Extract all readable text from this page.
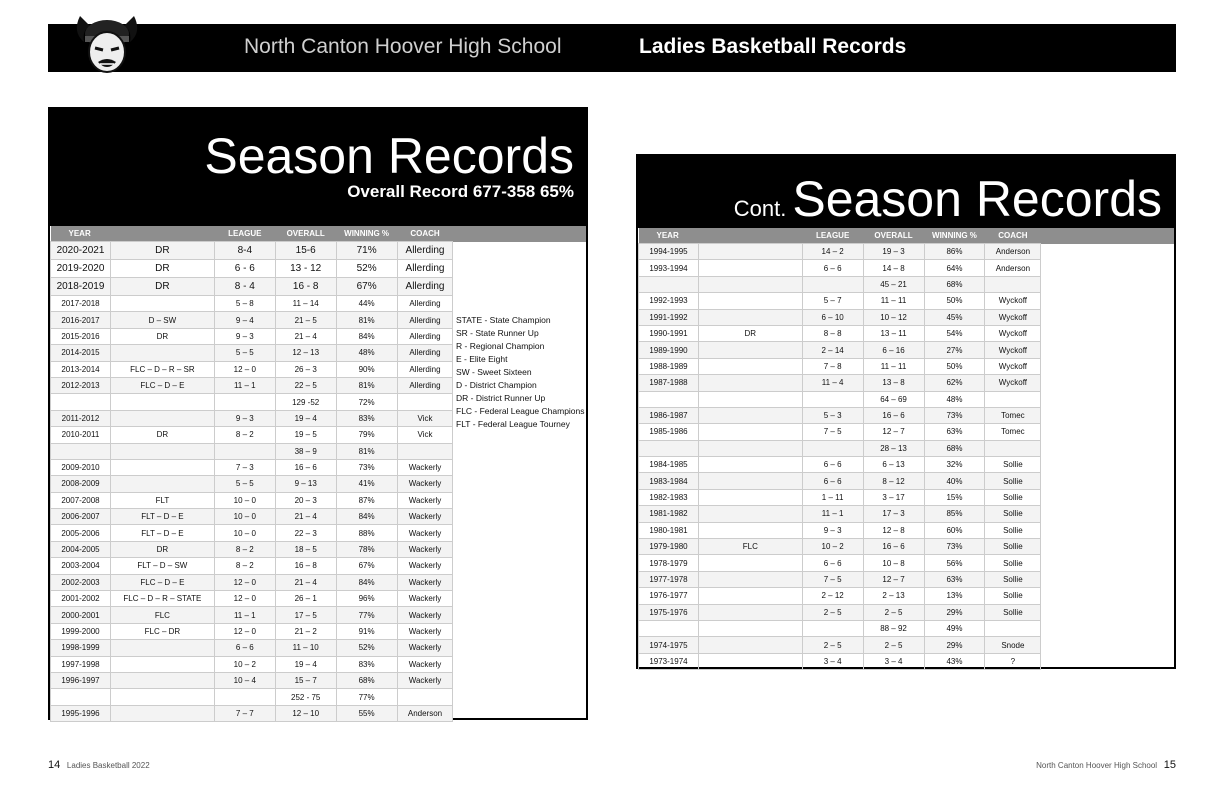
North Canton Hoover High School	Ladies Basketball Records
Season Records
Overall Record 677-358 65%
YEAR		LEAGUE	OVERALL	WINNING %	COACH	
2020-2021	DR	8-4	15-6	71%	Allerding	
2019-2020	DR	6 - 6	13 - 12	52%	Allerding	
2018-2019	DR	8 - 4	16 - 8	67%	Allerding	
2017-2018		5 – 8	11 – 14	44%	Allerding	
2016-2017	D – SW	9 – 4	21 – 5	81%	Allerding	
2015-2016	DR	9 – 3	21 – 4	84%	Allerding	
2014-2015		5 – 5	12 – 13	48%	Allerding	
2013-2014	FLC – D – R – SR	12 – 0	26 – 3	90%	Allerding	
2012-2013	FLC – D – E	11 – 1	22 – 5	81%	Allerding	
			129 -52	72%		
2011-2012		9 – 3	19 – 4	83%	Vick	
2010-2011	DR	8 – 2	19 – 5	79%	Vick	
			38 – 9	81%		
2009-2010		7 – 3	16 – 6	73%	Wackerly	
2008-2009		5 – 5	9 – 13	41%	Wackerly	
2007-2008	FLT	10 – 0	20 – 3	87%	Wackerly	
2006-2007	FLT – D – E	10 – 0	21 – 4	84%	Wackerly	
2005-2006	FLT – D – E	10 – 0	22 – 3	88%	Wackerly	
2004-2005	DR	8 – 2	18 – 5	78%	Wackerly	
2003-2004	FLT – D – SW	8 – 2	16 – 8	67%	Wackerly	
2002-2003	FLC – D – E	12 – 0	21 – 4	84%	Wackerly	
2001-2002	FLC – D – R – STATE	12 – 0	26 – 1	96%	Wackerly	
2000-2001	FLC	11 – 1	17 – 5	77%	Wackerly	
1999-2000	FLC – DR	12 – 0	21 – 2	91%	Wackerly	
1998-1999		6 – 6	11 – 10	52%	Wackerly	
1997-1998		10 – 2	19 – 4	83%	Wackerly	
1996-1997		10 – 4	15 – 7	68%	Wackerly	
			252 - 75	77%		
1995-1996		7 – 7	12 – 10	55%	Anderson	
STATE - State Champion
SR - State Runner Up
R - Regional Champion
E - Elite Eight
SW - Sweet Sixteen
D - District Champion
DR - District Runner Up
FLC - Federal League Champions
FLT - Federal League Tourney
Cont. Season Records
YEAR		LEAGUE	OVERALL	WINNING %	COACH	
1994-1995		14 – 2	19 – 3	86%	Anderson	
1993-1994		6 – 6	14 – 8	64%	Anderson	
			45 – 21	68%		
1992-1993		5 – 7	11 – 11	50%	Wyckoff	
1991-1992		6 – 10	10 – 12	45%	Wyckoff	
1990-1991	DR	8 – 8	13 – 11	54%	Wyckoff	
1989-1990		2 – 14	6 – 16	27%	Wyckoff	
1988-1989		7 – 8	11 – 11	50%	Wyckoff	
1987-1988		11 – 4	13 – 8	62%	Wyckoff	
			64 – 69	48%		
1986-1987		5 – 3	16 – 6	73%	Tomec	
1985-1986		7 – 5	12 – 7	63%	Tomec	
			28 – 13	68%		
1984-1985		6 – 6	6 – 13	32%	Sollie	
1983-1984		6 – 6	8 – 12	40%	Sollie	
1982-1983		1 – 11	3 – 17	15%	Sollie	
1981-1982		11 – 1	17 – 3	85%	Sollie	
1980-1981		9 – 3	12 – 8	60%	Sollie	
1979-1980	FLC	10 – 2	16 – 6	73%	Sollie	
1978-1979		6 – 6	10 – 8	56%	Sollie	
1977-1978		7 – 5	12 – 7	63%	Sollie	
1976-1977		2 – 12	2 – 13	13%	Sollie	
1975-1976		2 – 5	2 – 5	29%	Sollie	
			88 – 92	49%		
1974-1975		2 – 5	2 – 5	29%	Snode	
1973-1974		3 – 4	3 – 4	43%	?	
14 Ladies Basketball 2022	North Canton Hoover High School 15
